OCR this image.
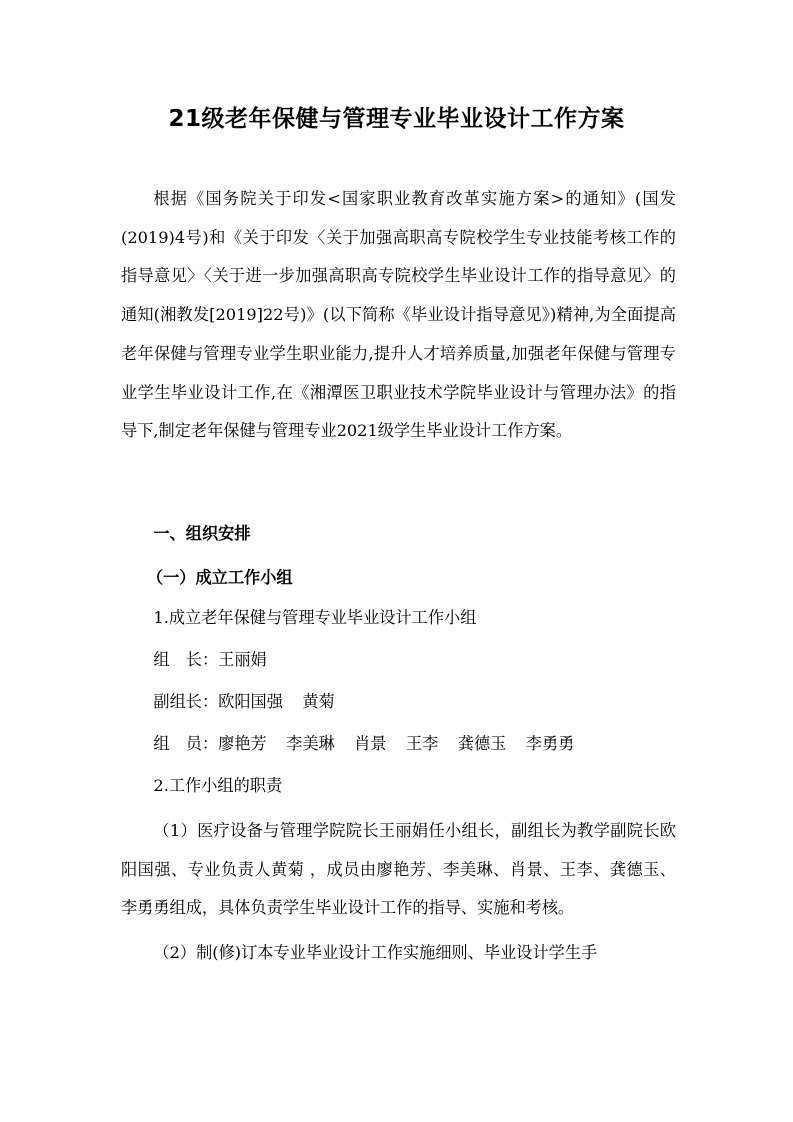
21级老年保健与管理专业毕业设计工作方案

根据《国务院关于印发<国家职业教育改革实施方案>的通知》(国发(2019)4号)和《关于印发〈关于加强高职高专院校学生专业技能考核工作的指导意见〉〈关于进一步加强高职高专院校学生毕业设计工作的指导意见〉的通知(湘教发[2019]22号)》(以下简称《毕业设计指导意见》)精神,为全面提高老年保健与管理专业学生职业能力,提升人才培养质量,加强老年保健与管理专业学生毕业设计工作,在《湘潭医卫职业技术学院毕业设计与管理办法》的指导下,制定老年保健与管理专业2021级学生毕业设计工作方案。

一、组织安排
（一）成立工作小组
1.成立老年保健与管理专业毕业设计工作小组
组　长：王丽娟
副组长：欧阳国强 黄菊
组　员：廖艳芳 李美琳 肖景 王李 龚德玉 李勇勇
2.工作小组的职责

（1）医疗设备与管理学院院长王丽娟任小组长，副组长为教学副院长欧阳国强、专业负责人黄菊 ，成员由廖艳芳、李美琳、肖景、王李、龚德玉、李勇勇组成，具体负责学生毕业设计工作的指导、实施和考核。

（2）制(修)订本专业毕业设计工作实施细则、毕业设计学生手
